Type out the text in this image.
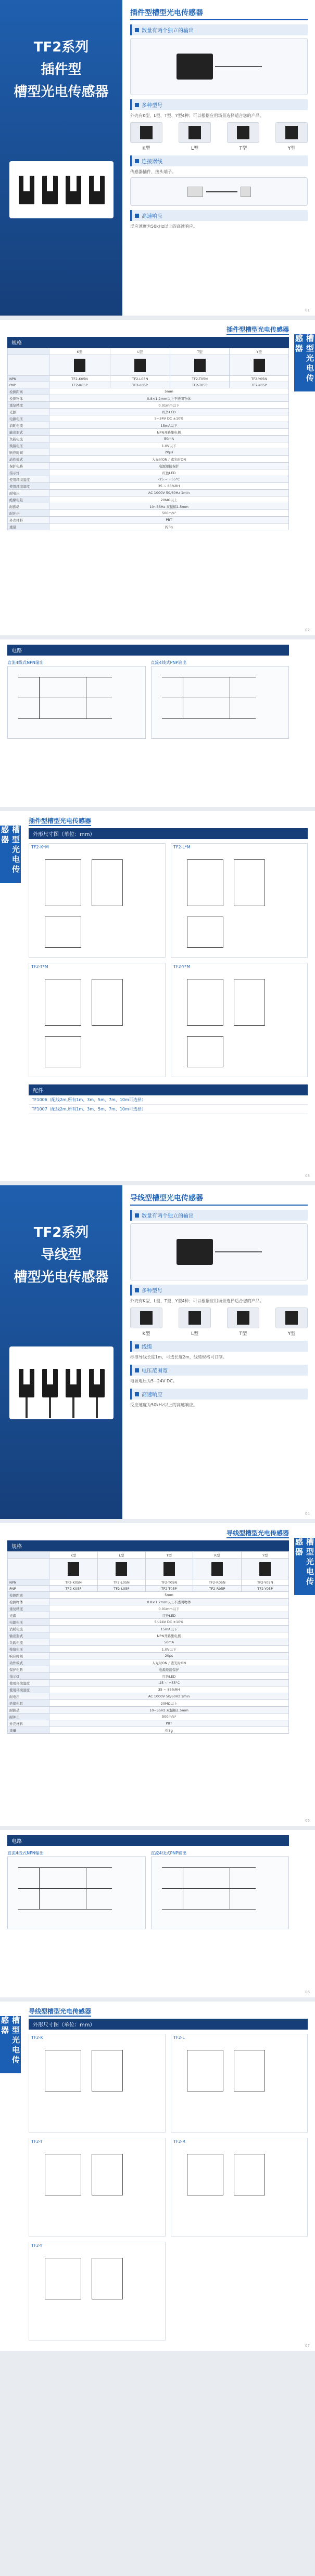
TF2系列
插件型
槽型光电传感器
插件型槽型光电传感器
数量有两个独立的输出
多种型号
外壳有K型、L型、T型、Y型4种；可以根据应用场景选择适合您的产品。
K型	L型	T型	Y型
连接器线
传感器插件、接头端子。
高速响应
反应速度为50kHz以上的高速响应。
01
插件型槽型光电传感器
槽型光电传感器
规格
	K型	L型	T型	Y型

NPN	TF2-K05N	TF2-L05N	TF2-T05N	TF2-Y05N
PNP	TF2-K05P	TF2-L05P	TF2-T05P	TF2-Y05P
检测距离	5mm			
检测物体	0.8×1.2mm以上不透明物体			
重复精度	0.01mm以下			
光源	红外LED			
电源电压	5~24V DC ±10%			
消耗电流	15mA以下			
输出形式	NPN开路集电极			
负载电流	50mA			
残留电压	1.0V以下			
响应时间	20μs			
动作模式	入光时ON / 遮光时ON			
保护电路	电源逆接保护			
指示灯	红色LED			
使用环境温度	-25 ~ +55°C			
使用环境湿度	35 ~ 85%RH			
耐电压	AC 1000V 50/60Hz 1min			
绝缘电阻	20MΩ以上			
耐振动	10~55Hz 双振幅1.5mm			
耐冲击	500m/s²			
外壳材料	PBT			
重量	约3g			
02
电路
直流4线式NPN输出	直流4线式PNP输出
插件型槽型光电传感器
槽型光电传感器	外形尺寸图（单位：mm）
TF2-K*M	TF2-L*M
TF2-T*M	TF2-Y*M
配件
TF1006（配线2m,所有1m、3m、5m、7m、10m可选择）
TF1007（配线2m,所有1m、3m、5m、7m、10m可选择）
03
TF2系列
导线型
槽型光电传感器
导线型槽型光电传感器
数量有两个独立的输出
多种型号
外壳有K型、L型、T型、Y型4种；可以根据应用场景选择适合您的产品。
K型	L型	T型	Y型
线缆
标准导线长度1m，可选长度2m，线缆规格可订制。
电压范围宽
电源电压为5~24V DC。
高速响应
反应速度为50kHz以上的高速响应。
04
导线型槽型光电传感器
槽型光电传感器
规格
	K型	L型	T型	R型	Y型

NPN	TF2-K05N	TF2-L05N	TF2-T05N	TF2-R05N	TF2-Y05N
PNP	TF2-K05P	TF2-L05P	TF2-T05P	TF2-R05P	TF2-Y05P
检测距离	5mm				
检测物体	0.8×1.2mm以上不透明物体				
重复精度	0.01mm以下				
光源	红外LED				
电源电压	5~24V DC ±10%				
消耗电流	15mA以下				
输出形式	NPN开路集电极				
负载电流	50mA				
残留电压	1.0V以下				
响应时间	20μs				
动作模式	入光时ON / 遮光时ON				
保护电路	电源逆接保护				
指示灯	红色LED				
使用环境温度	-25 ~ +55°C				
使用环境湿度	35 ~ 85%RH				
耐电压	AC 1000V 50/60Hz 1min				
绝缘电阻	20MΩ以上				
耐振动	10~55Hz 双振幅1.5mm				
耐冲击	500m/s²				
外壳材料	PBT				
重量	约3g				
05
电路
直流4线式NPN输出	直流4线式PNP输出
06
导线型槽型光电传感器
槽型光电传感器	外形尺寸图（单位：mm）
TF2-K	TF2-L
TF2-T	TF2-R
TF2-Y
07
